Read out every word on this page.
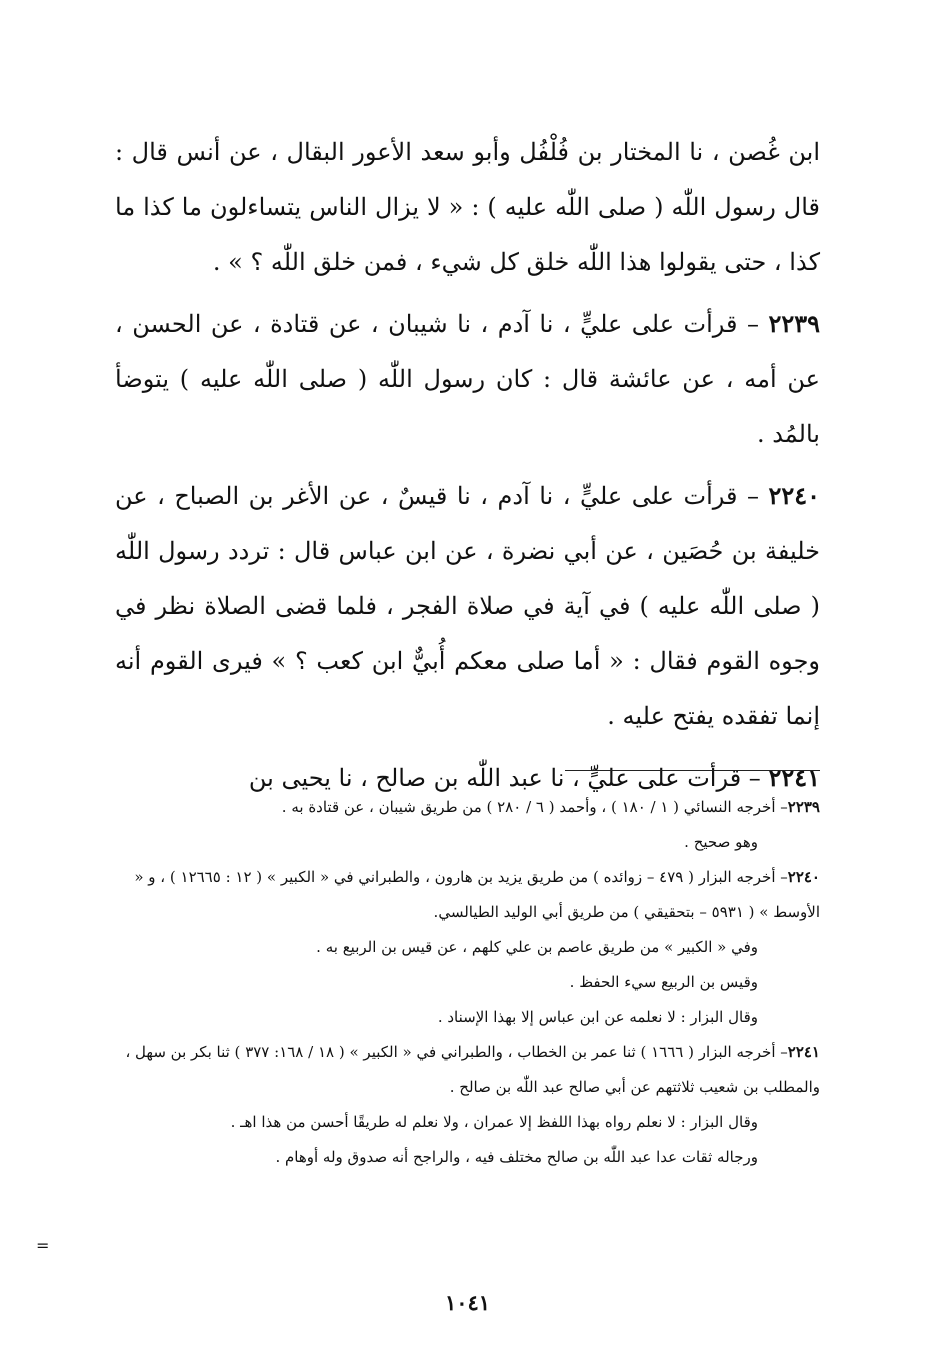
ابن غُصن ، نا المختار بن فُلْفُل وأبو سعد الأعور البقال ، عن أنس قال : قال رسول اللّٰه ( صلى اللّٰه عليه ) : « لا يزال الناس يتساءلون ما كذا ما كذا ، حتى يقولوا هذا اللّٰه خلق كل شيء ، فمن خلق اللّٰه ؟ » .

٢٢٣٩ – قرأت على عليٍّ ، نا آدم ، نا شيبان ، عن قتادة ، عن الحسن ، عن أمه ، عن عائشة قال : كان رسول اللّٰه ( صلى اللّٰه عليه ) يتوضأ بالمُد .

٢٢٤٠ – قرأت على عليٍّ ، نا آدم ، نا قيسٌ ، عن الأغر بن الصباح ، عن خليفة بن حُصَين ، عن أبي نضرة ، عن ابن عباس قال : تردد رسول اللّٰه ( صلى اللّٰه عليه ) في آية في صلاة الفجر ، فلما قضى الصلاة نظر في وجوه القوم فقال : « أما صلى معكم أُبيٌّ ابن كعب ؟ » فيرى القوم أنه إنما تفقده يفتح عليه .

٢٢٤١ – قرأت على عليٍّ ، نا عبد اللّٰه بن صالح ، نا يحيى بن

٢٢٣٩– أخرجه النسائي ( ١ / ١٨٠ ) ، وأحمد ( ٦ / ٢٨٠ ) من طريق شيبان ، عن قتادة به .

وهو صحيح .

٢٢٤٠– أخرجه البزار ( ٤٧٩ – زوائده ) من طريق يزيد بن هارون ، والطبراني في « الكبير » ( ١٢ : ١٢٦٦٥ ) ، و « الأوسط » ( ٥٩٣١ – بتحقيقي ) من طريق أبي الوليد الطيالسي.

وفي « الكبير » من طريق عاصم بن علي كلهم ، عن قيس بن الربيع به .

وقيس بن الربيع سيء الحفظ .

وقال البزار : لا نعلمه عن ابن عباس إلا بهذا الإسناد .

٢٢٤١– أخرجه البزار ( ١٦٦٦ ) ثنا عمر بن الخطاب ، والطبراني في « الكبير » ( ١٨ / ١٦٨: ٣٧٧ ) ثنا بكر بن سهل ، والمطلب بن شعيب ثلاثتهم عن أبي صالح عبد اللّٰه بن صالح .

وقال البزار : لا نعلم رواه بهذا اللفظ إلا عمران ، ولا نعلم له طريقًا أحسن من هذا اهـ .

ورجاله ثقات عدا عبد اللّٰه بن صالح مختلف فيه ، والراجح أنه صدوق وله أوهام .

=
١٠٤١
